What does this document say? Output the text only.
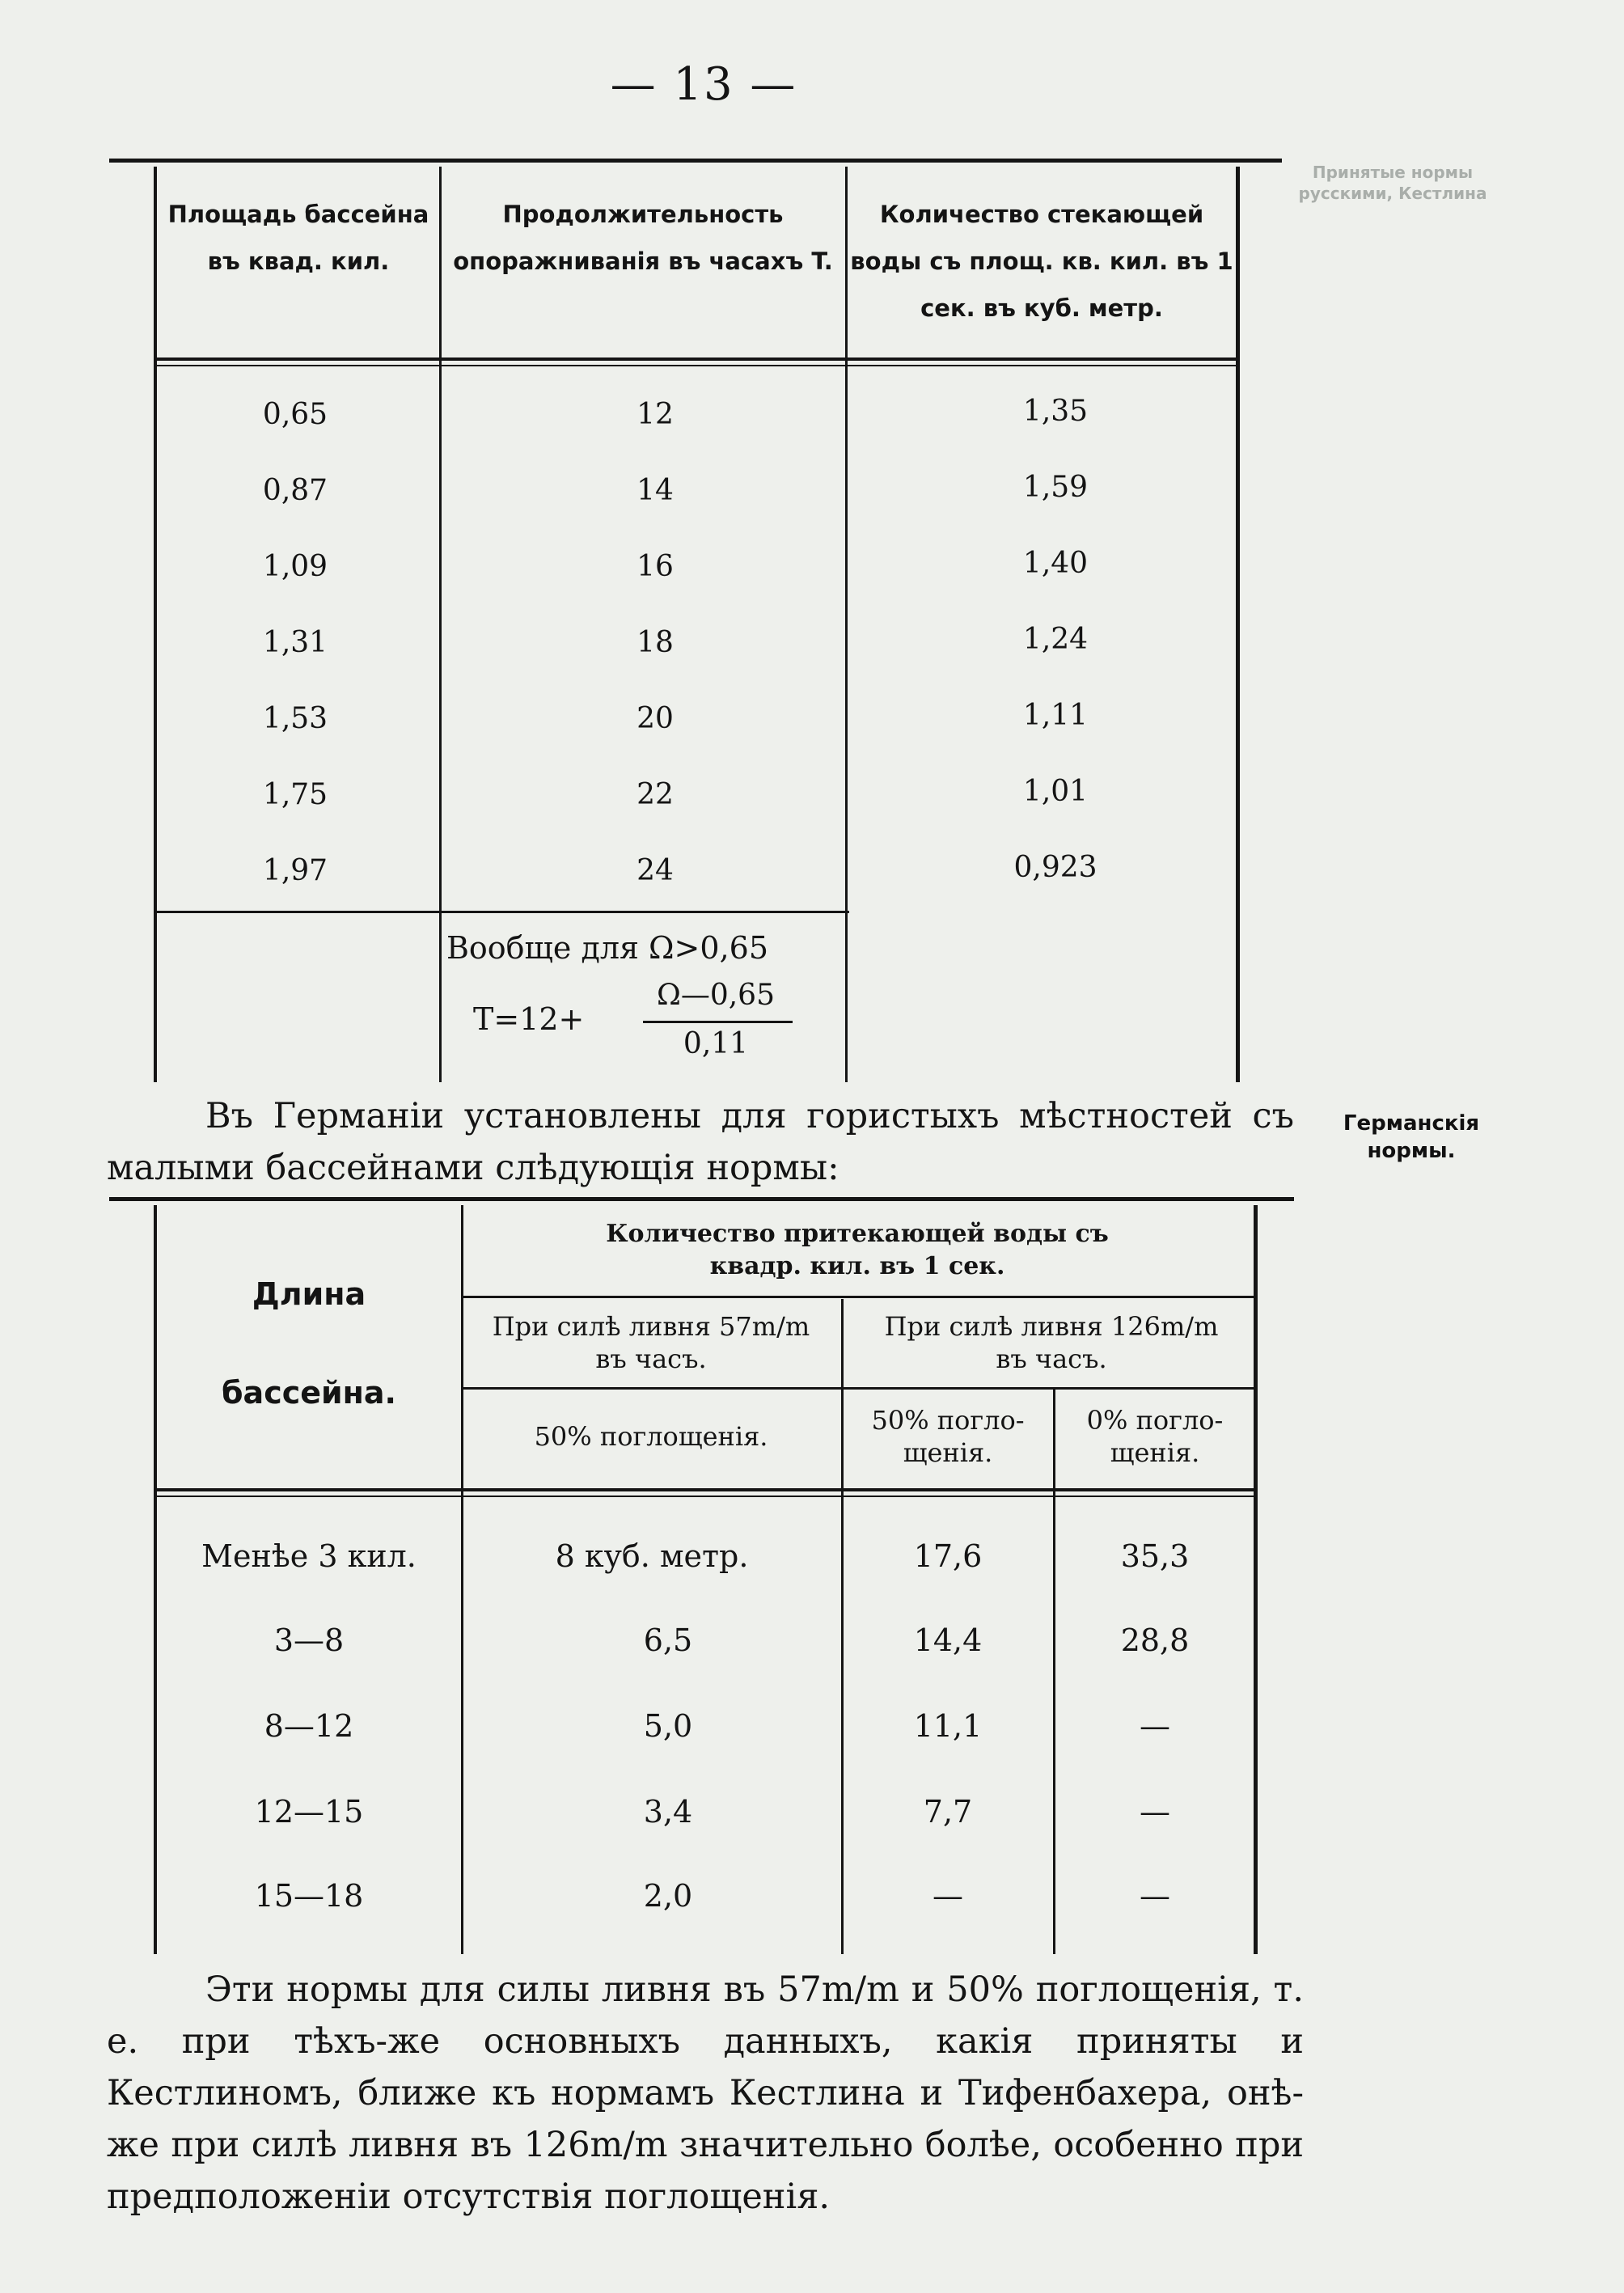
— 13 —
Принятые нормы русскими, Кестлина
Германскія нормы.
Площадь бассейна въ квад. кил.
Продолжительность опоражниванія въ часахъ T.
Количество стекающей воды съ площ. кв. кил. въ 1 сек. въ куб. метр.
0,65	12	1,35
0,87	14	1,59
1,09	16	1,40
1,31	18	1,24
1,53	20	1,11
1,75	22	1,01
1,97	24	0,923
Вообще для Ω>0,65
T=12+
Ω—0,65
0,11
Въ Германіи установлены для гористыхъ мѣстностей съ малыми бассейнами слѣдующія нормы:
Длина
бассейна.
Количество притекающей воды съ квадр. кил. въ 1 сек.
При силѣ ливня 57m/m въ часъ.
При силѣ ливня 126m/m въ часъ.
50% поглощенія.
50% погло- щенія.
0% погло- щенія.
Менѣе 3 кил.	8 куб. метр.	17,6	35,3
3—8	6,5	14,4	28,8
8—12	5,0	11,1	—
12—15	3,4	7,7	—
15—18	2,0	—	—
Эти нормы для силы ливня въ 57m/m и 50% поглощенія, т. е. при тѣхъ-же основныхъ данныхъ, какія приняты и Кестлиномъ, ближе къ нормамъ Кестлина и Тифенбахера, онѣ-же при силѣ ливня въ 126m/m значительно болѣе, особенно при предположеніи отсутствія поглощенія.
